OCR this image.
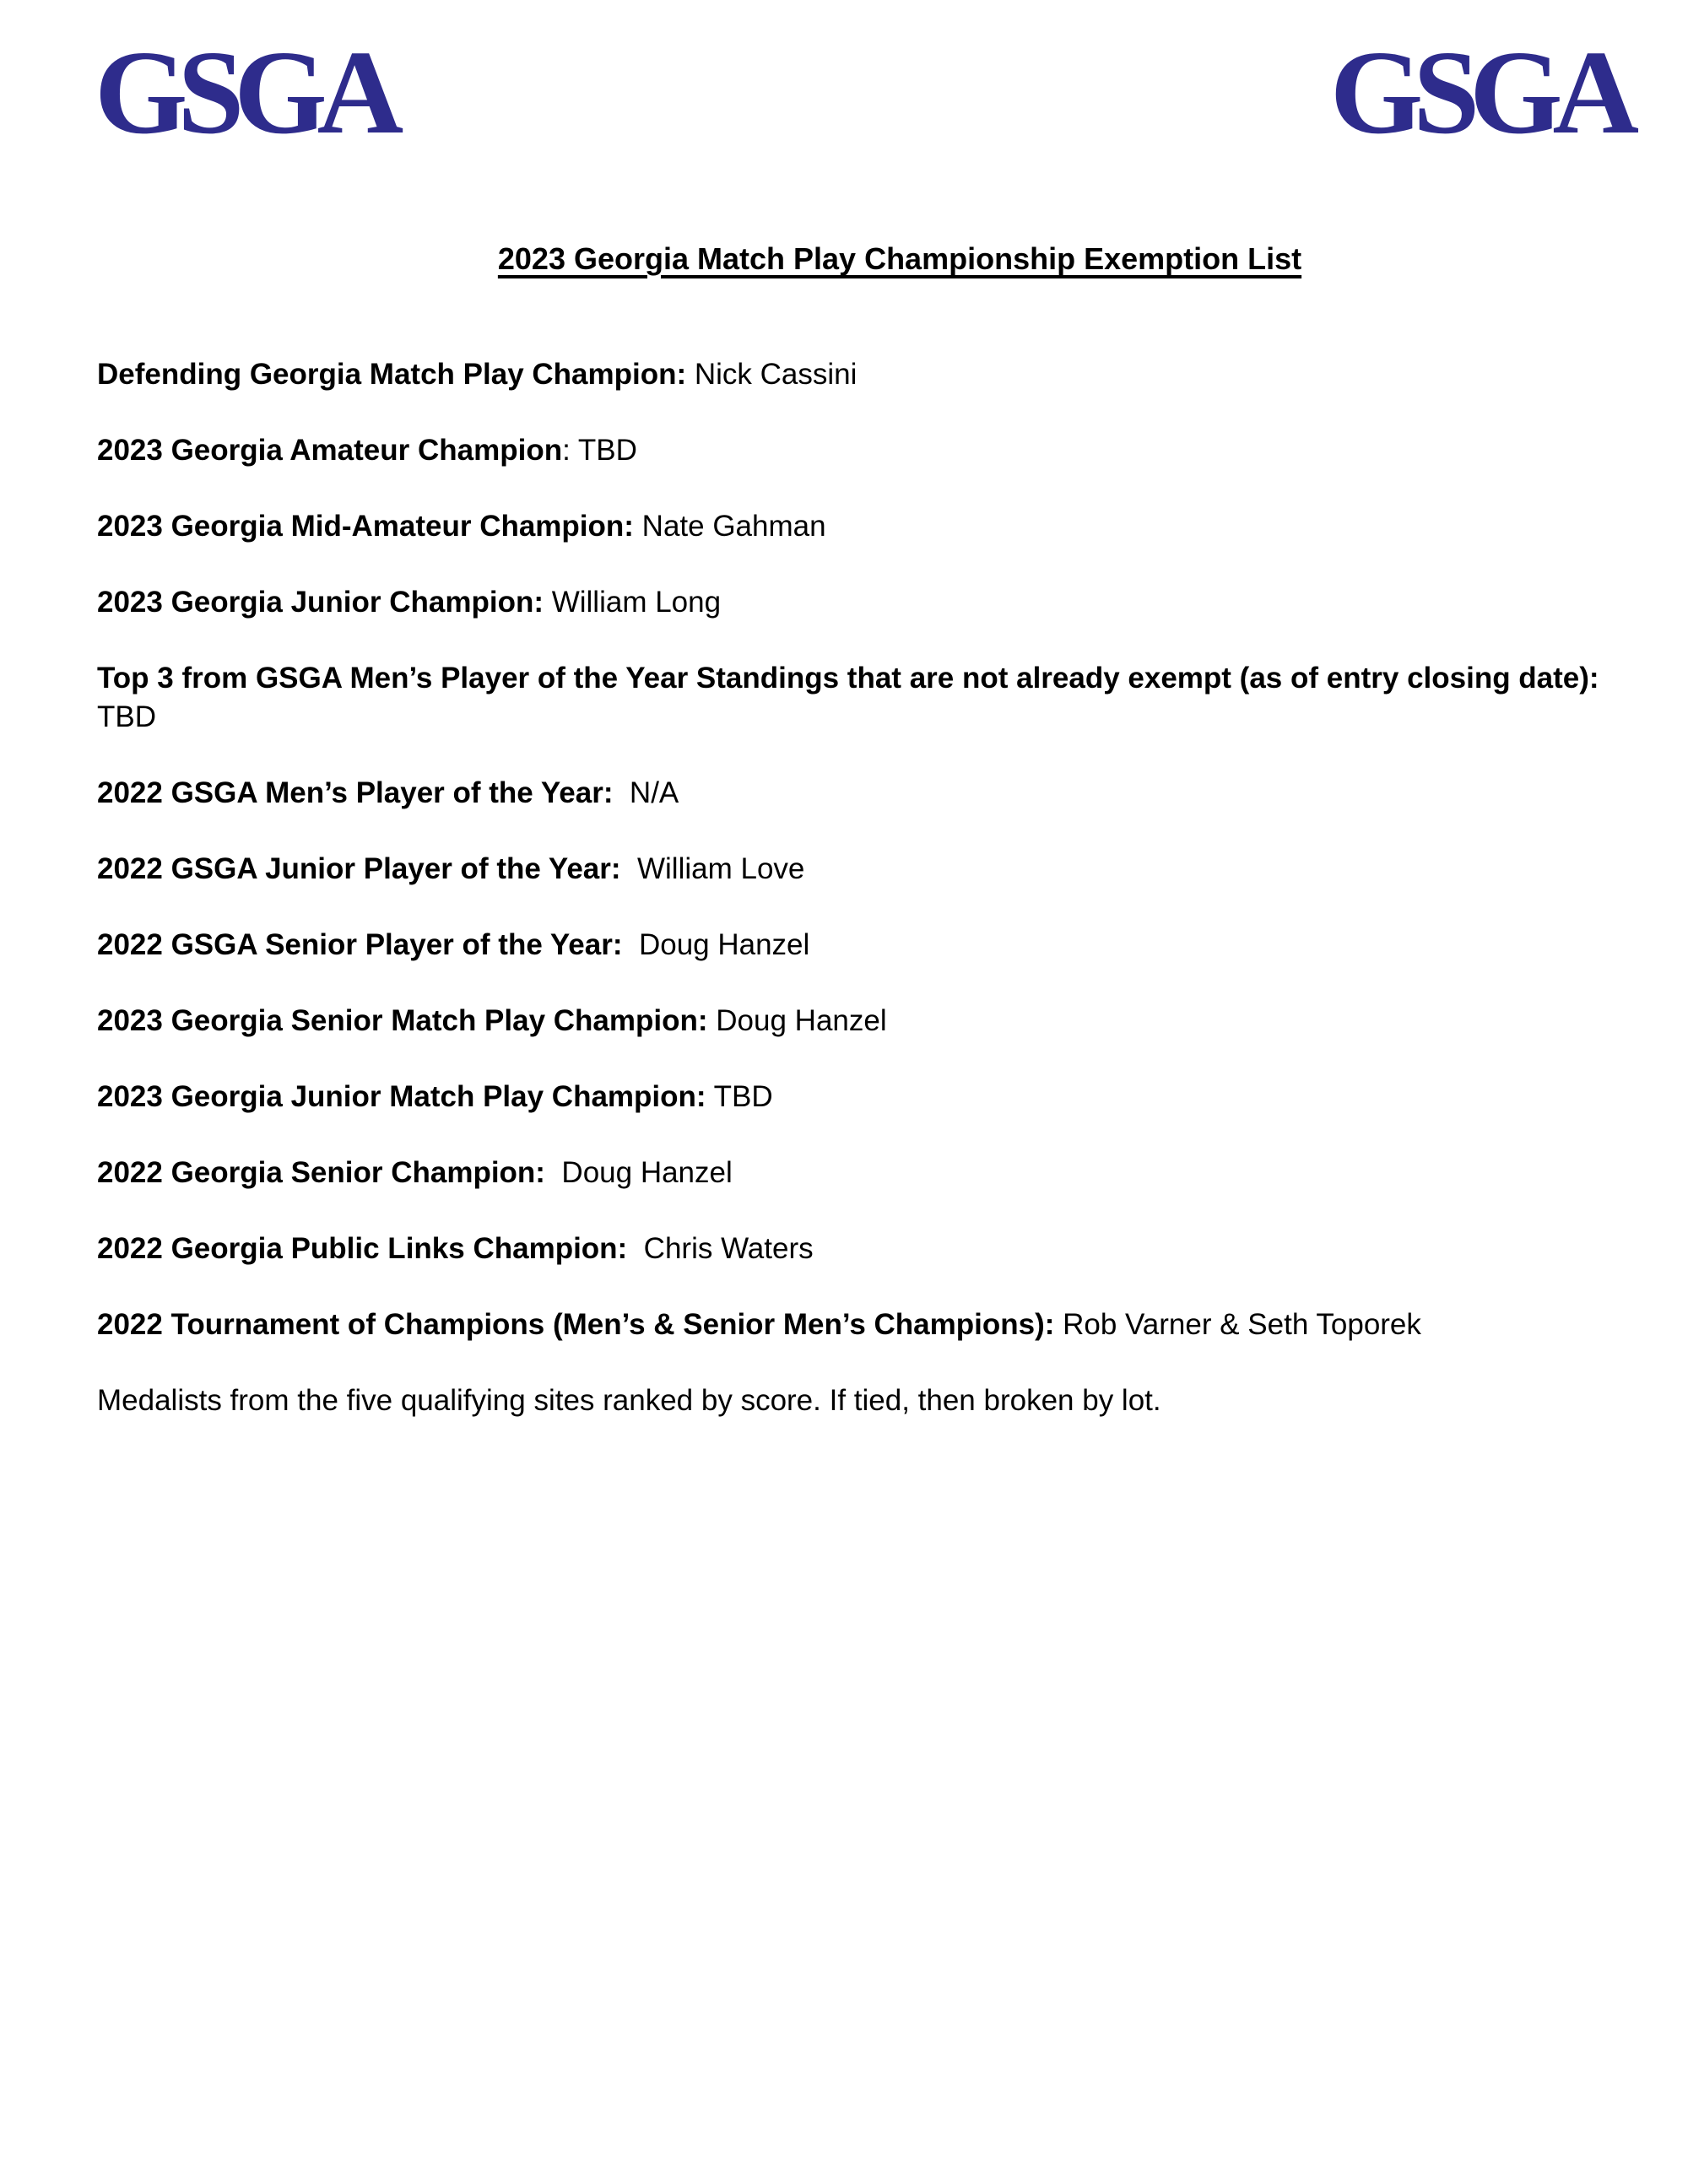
GSGA	GSGA
2023 Georgia Match Play Championship Exemption List

Defending Georgia Match Play Champion: Nick Cassini

2023 Georgia Amateur Champion: TBD

2023 Georgia Mid-Amateur Champion: Nate Gahman

2023 Georgia Junior Champion: William Long

Top 3 from GSGA Men’s Player of the Year Standings that are not already exempt (as of entry closing date):  TBD

2022 GSGA Men’s Player of the Year:  N/A

2022 GSGA Junior Player of the Year:  William Love

2022 GSGA Senior Player of the Year:  Doug Hanzel

2023 Georgia Senior Match Play Champion: Doug Hanzel

2023 Georgia Junior Match Play Champion: TBD

2022 Georgia Senior Champion:  Doug Hanzel

2022 Georgia Public Links Champion:  Chris Waters

2022 Tournament of Champions (Men’s & Senior Men’s Champions): Rob Varner & Seth Toporek

Medalists from the five qualifying sites ranked by score. If tied, then broken by lot.
